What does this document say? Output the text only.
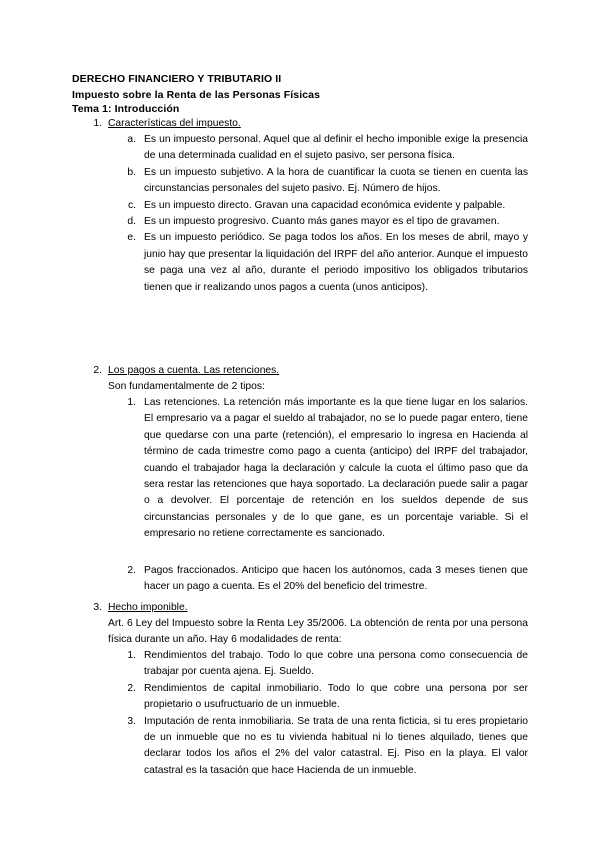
DERECHO FINANCIERO Y TRIBUTARIO II
Impuesto sobre la Renta de las Personas Físicas
Tema 1: Introducción
1. Características del impuesto.
a. Es un impuesto personal. Aquel que al definir el hecho imponible exige la presencia de una determinada cualidad en el sujeto pasivo, ser persona física.
b. Es un impuesto subjetivo. A la hora de cuantificar la cuota se tienen en cuenta las circunstancias personales del sujeto pasivo. Ej. Número de hijos.
c. Es un impuesto directo. Gravan una capacidad económica evidente y palpable.
d. Es un impuesto progresivo. Cuanto más ganes mayor es el tipo de gravamen.
e. Es un impuesto periódico. Se paga todos los años. En los meses de abril, mayo y junio hay que presentar la liquidación del IRPF del año anterior. Aunque el impuesto se paga una vez al año, durante el periodo impositivo los obligados tributarios tienen que ir realizando unos pagos a cuenta (unos anticipos).
2. Los pagos a cuenta. Las retenciones.
Son fundamentalmente de 2 tipos:
1. Las retenciones. La retención más importante es la que tiene lugar en los salarios. El empresario va a pagar el sueldo al trabajador, no se lo puede pagar entero, tiene que quedarse con una parte (retención), el empresario lo ingresa en Hacienda al término de cada trimestre como pago a cuenta (anticipo) del IRPF del trabajador, cuando el trabajador haga la declaración y calcule la cuota el último paso que da sera restar las retenciones que haya soportado. La declaración puede salir a pagar o a devolver. El porcentaje de retención en los sueldos depende de sus circunstancias personales y de lo que gane, es un porcentaje variable. Si el empresario no retiene correctamente es sancionado.
2. Pagos fraccionados. Anticipo que hacen los autónomos, cada 3 meses tienen que hacer un pago a cuenta. Es el 20% del beneficio del trimestre.
3. Hecho imponible.
Art. 6 Ley del Impuesto sobre la Renta Ley 35/2006. La obtención de renta por una persona física durante un año. Hay 6 modalidades de renta:
1. Rendimientos del trabajo. Todo lo que cobre una persona como consecuencia de trabajar por cuenta ajena. Ej. Sueldo.
2. Rendimientos de capital inmobiliario. Todo lo que cobre una persona por ser propietario o usufructuario de un inmueble.
3. Imputación de renta inmobiliaria. Se trata de una renta ficticia, si tu eres propietario de un inmueble que no es tu vivienda habitual ni lo tienes alquilado, tienes que declarar todos los años el 2% del valor catastral. Ej. Piso en la playa. El valor catastral es la tasación que hace Hacienda de un inmueble.
